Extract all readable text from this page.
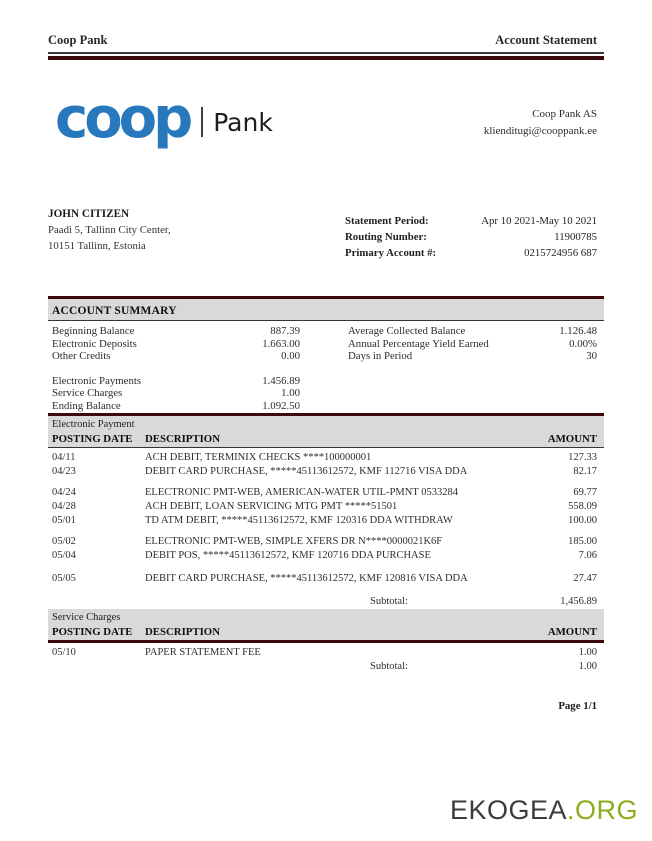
Coop Pank	Account Statement
coop Pank	Coop Pank AS
klienditugi@cooppank.ee
JOHN CITIZEN
Paadi 5, Tallinn City Center,
10151 Tallinn, Estonia
Statement Period:	Apr 10 2021-May 10 2021
Routing Number:	11900785
Primary Account #:	0215724956 687
ACCOUNT SUMMARY
Beginning Balance	887.39
Electronic Deposits	1.663.00
Other Credits	0.00
Electronic Payments	1.456.89
Service Charges	1.00
Ending Balance	1.092.50
Average Collected Balance	1.126.48
Annual Percentage Yield Earned	0.00%
Days in Period	30
Electronic Payment
POSTING DATE	DESCRIPTION	AMOUNT
04/11	ACH DEBIT, TERMINIX CHECKS ****100000001	127.33
04/23	DEBIT CARD PURCHASE, *****45113612572, KMF 112716 VISA DDA	82.17
04/24	ELECTRONIC PMT-WEB, AMERICAN-WATER UTIL-PMNT 0533284	69.77
04/28	ACH DEBIT, LOAN SERVICING MTG PMT *****51501	558.09
05/01	TD ATM DEBIT, *****45113612572, KMF 120316 DDA WITHDRAW	100.00
05/02	ELECTRONIC PMT-WEB, SIMPLE XFERS DR N****0000021K6F	185.00
05/04	DEBIT POS, *****45113612572, KMF 120716 DDA PURCHASE	7.06
05/05	DEBIT CARD PURCHASE, *****45113612572, KMF 120816 VISA DDA	27.47
Subtotal:	1,456.89
Service Charges
POSTING DATE	DESCRIPTION	AMOUNT
05/10	PAPER STATEMENT FEE	1.00
Subtotal:	1.00
Page 1/1
EKOGEA.ORG
